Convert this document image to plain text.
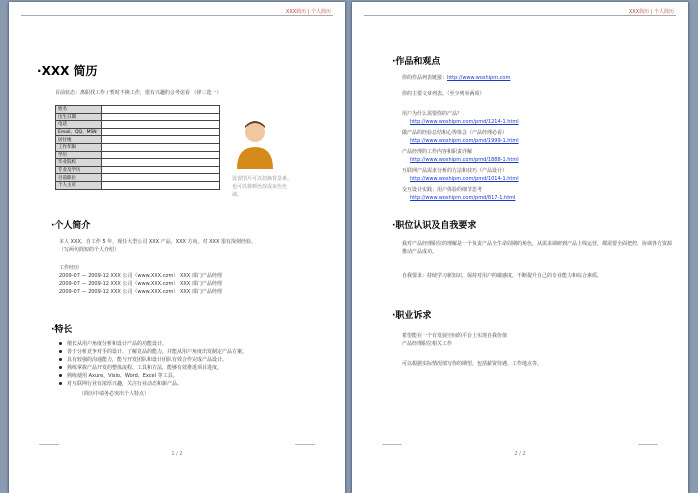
XXX简历 | 个人简历
·XXX 简历
目前状态：离职找工作 / 暂时不换工作，很有兴趣的会考虑看 （择三选一）
姓名	
出生日期	
电话	
Email、QQ、MSN	
居住地	
工作年限	
学历	
毕业院校	
专业及学历	
目前职位	
个人主页	
设置图片可以切换背景素。也可以将颜色改成灰色色调。
·个人简介
本人 XXX，自工作 5 年，现任大型公司 XXX 产品，XXX 方向，对 XXX 很有深刻经验。
（写两句简短的个人介绍）
工作经历
2009-07 — 2009-12 XXX 公司（www.XXX.com） XXX 部门产品经理
2009-07 — 2009-12 XXX 公司（www.XXX.com） XXX 部门产品经理
2009-07 — 2009-12 XXX 公司（www.XXX.com） XXX 部门产品经理
·特长
擅长从用户角度分析和设计产品的功能设计。
善于分析竞争对手的设计、了解竞品的能力，并能从用户角度出发制定产品方案。
具有较强的沟通能力，能与开发团队和设计团队有效合作完成产品设计。
熟练掌握产品开发的整体流程、工具和方法，能够有效推进项目进度。
熟练使用 Axure、Visio、Word、Excel 等工具。
对互联网行业有浓厚兴趣，关注行业动态和新产品。
（简历中请务必突出个人特点）
1 / 2
XXX简历 | 个人简历
·作品和观点
你的作品列表链接：http://www.woshipm.com
你的主要文章列表。（至少列举两项）
用户为什么需要你的产品？
http://www.woshipm.com/pmd/1214-1.html
做产品的经验总结和心得体会（产品经理必看）
http://www.woshipm.com/pmd/1999-1.html
产品经理的工作内容和职责详解
http://www.woshipm.com/pmd/1888-1.html
互联网产品需求分析的方法和技巧（产品设计）
http://www.woshipm.com/pmd/1014-1.html
交互设计实践：用户体验的细节思考
http://www.woshipm.com/pmd/817-1.html
·职位认识及自我要求
我对产品经理职位的理解是一个负责产品全生命周期的角色，从需求调研到产品上线运营，都需要全面把控，协调各方资源推动产品成功。
自我要求：持续学习新知识，保持对用户的敏感度，不断提升自己的专业能力和综合素质。
·职业诉求
希望能在一个有发展空间的平台上实现自我价值
产品经理职位相关工作
可以根据实际情况填写你的期望，包括薪资待遇、工作地点等。
2 / 2
